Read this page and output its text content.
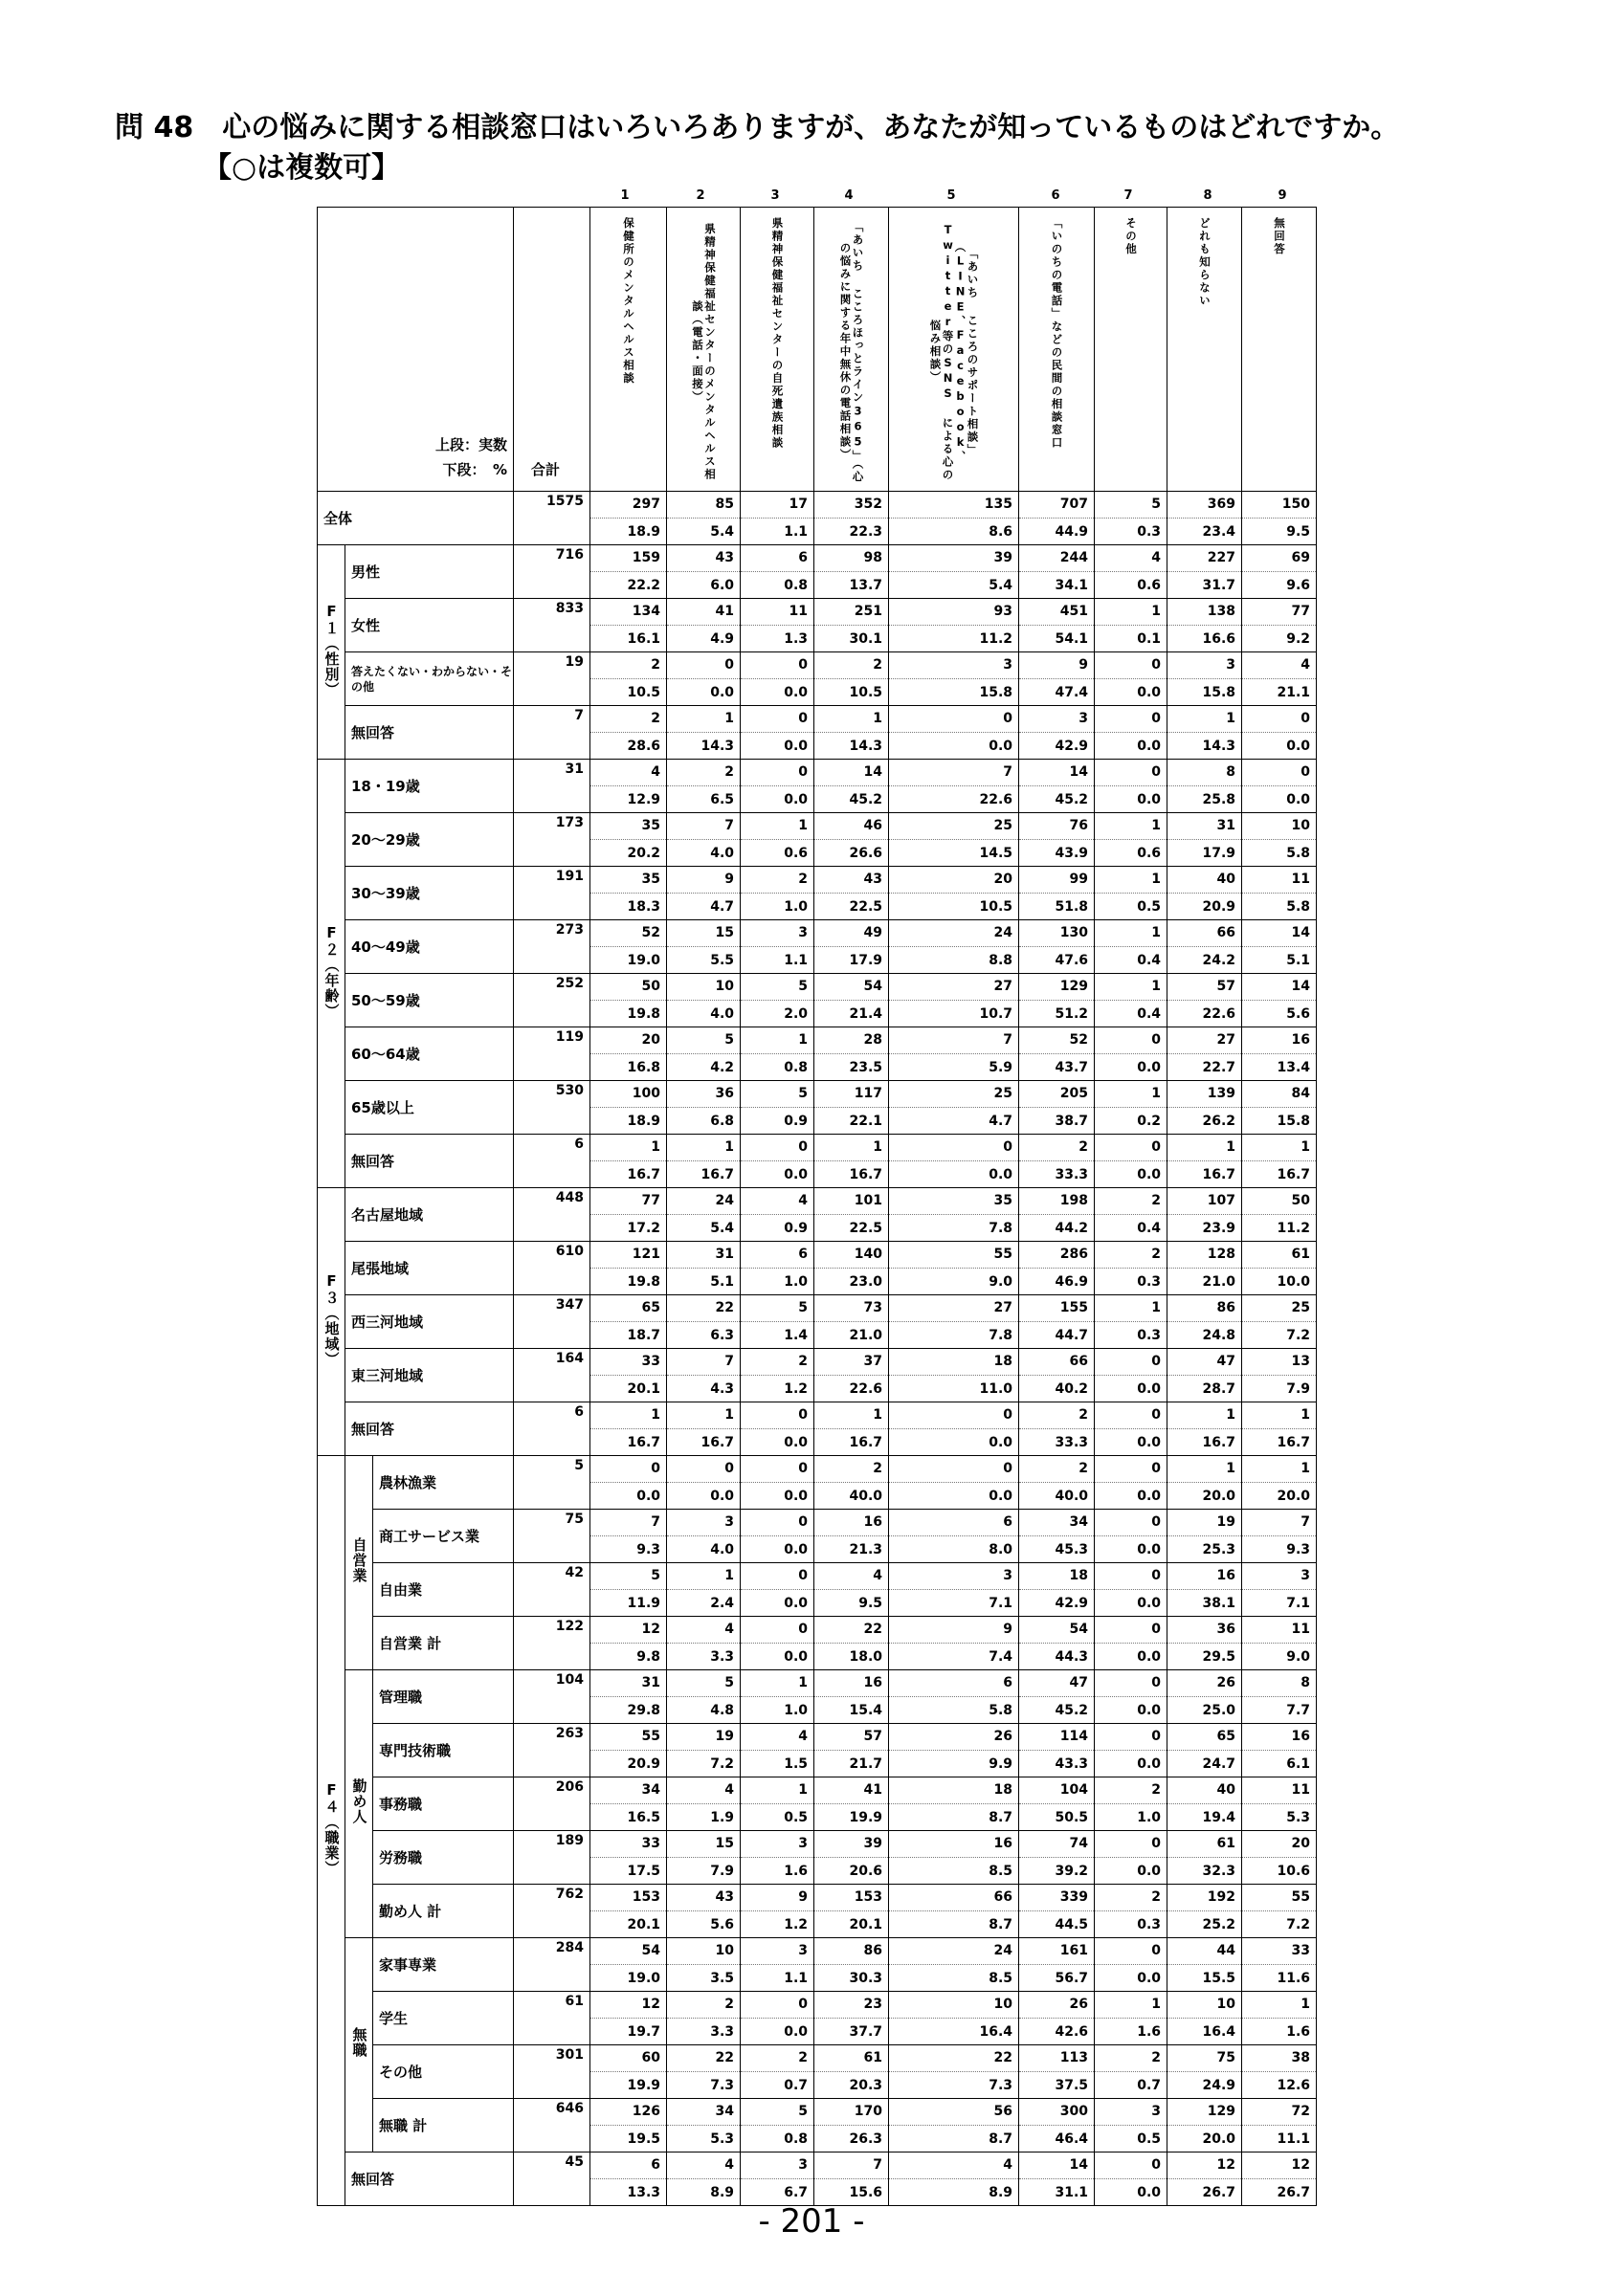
問 48　心の悩みに関する相談窓口はいろいろありますが、あなたが知っているものはどれですか。
【○は複数可】
1	2	3	4	5	6	7	8	9
上段：実数
下段：　%			合計	保健所のメンタルヘルス相談	県精神保健福祉センターのメンタルヘルス相談（電話・面接）	県精神保健福祉センターの自死遺族相談	「あいち こころほっとライン365」（心の悩みに関する年中無休の電話相談）	「あいち こころのサポート相談」（LINE、Facebook、Twitter等のSNS による心の悩み相談）	「いのちの電話」などの民間の相談窓口	その他	どれも知らない	無回答
全体			1575	297	85	17	352	135	707	5	369	150
				18.9	5.4	1.1	22.3	8.6	44.9	0.3	23.4	9.5
F１（性別）	男性		716	159	43	6	98	39	244	4	227	69
				22.2	6.0	0.8	13.7	5.4	34.1	0.6	31.7	9.6
	女性		833	134	41	11	251	93	451	1	138	77
				16.1	4.9	1.3	30.1	11.2	54.1	0.1	16.6	9.2
	答えたくない・わからない・その他		19	2	0	0	2	3	9	0	3	4
				10.5	0.0	0.0	10.5	15.8	47.4	0.0	15.8	21.1
	無回答		7	2	1	0	1	0	3	0	1	0
				28.6	14.3	0.0	14.3	0.0	42.9	0.0	14.3	0.0
F２（年齢）	18・19歳		31	4	2	0	14	7	14	0	8	0
				12.9	6.5	0.0	45.2	22.6	45.2	0.0	25.8	0.0
	20～29歳		173	35	7	1	46	25	76	1	31	10
				20.2	4.0	0.6	26.6	14.5	43.9	0.6	17.9	5.8
	30～39歳		191	35	9	2	43	20	99	1	40	11
				18.3	4.7	1.0	22.5	10.5	51.8	0.5	20.9	5.8
	40～49歳		273	52	15	3	49	24	130	1	66	14
				19.0	5.5	1.1	17.9	8.8	47.6	0.4	24.2	5.1
	50～59歳		252	50	10	5	54	27	129	1	57	14
				19.8	4.0	2.0	21.4	10.7	51.2	0.4	22.6	5.6
	60～64歳		119	20	5	1	28	7	52	0	27	16
				16.8	4.2	0.8	23.5	5.9	43.7	0.0	22.7	13.4
	65歳以上		530	100	36	5	117	25	205	1	139	84
				18.9	6.8	0.9	22.1	4.7	38.7	0.2	26.2	15.8
	無回答		6	1	1	0	1	0	2	0	1	1
				16.7	16.7	0.0	16.7	0.0	33.3	0.0	16.7	16.7
F３（地域）	名古屋地域		448	77	24	4	101	35	198	2	107	50
				17.2	5.4	0.9	22.5	7.8	44.2	0.4	23.9	11.2
	尾張地域		610	121	31	6	140	55	286	2	128	61
				19.8	5.1	1.0	23.0	9.0	46.9	0.3	21.0	10.0
	西三河地域		347	65	22	5	73	27	155	1	86	25
				18.7	6.3	1.4	21.0	7.8	44.7	0.3	24.8	7.2
	東三河地域		164	33	7	2	37	18	66	0	47	13
				20.1	4.3	1.2	22.6	11.0	40.2	0.0	28.7	7.9
	無回答		6	1	1	0	1	0	2	0	1	1
				16.7	16.7	0.0	16.7	0.0	33.3	0.0	16.7	16.7
F４（職業）	自営業	農林漁業	5	0	0	0	2	0	2	0	1	1
				0.0	0.0	0.0	40.0	0.0	40.0	0.0	20.0	20.0
		商工サービス業	75	7	3	0	16	6	34	0	19	7
				9.3	4.0	0.0	21.3	8.0	45.3	0.0	25.3	9.3
		自由業	42	5	1	0	4	3	18	0	16	3
				11.9	2.4	0.0	9.5	7.1	42.9	0.0	38.1	7.1
		自営業 計	122	12	4	0	22	9	54	0	36	11
				9.8	3.3	0.0	18.0	7.4	44.3	0.0	29.5	9.0
	勤め人	管理職	104	31	5	1	16	6	47	0	26	8
				29.8	4.8	1.0	15.4	5.8	45.2	0.0	25.0	7.7
		専門技術職	263	55	19	4	57	26	114	0	65	16
				20.9	7.2	1.5	21.7	9.9	43.3	0.0	24.7	6.1
		事務職	206	34	4	1	41	18	104	2	40	11
				16.5	1.9	0.5	19.9	8.7	50.5	1.0	19.4	5.3
		労務職	189	33	15	3	39	16	74	0	61	20
				17.5	7.9	1.6	20.6	8.5	39.2	0.0	32.3	10.6
		勤め人 計	762	153	43	9	153	66	339	2	192	55
				20.1	5.6	1.2	20.1	8.7	44.5	0.3	25.2	7.2
	無職	家事専業	284	54	10	3	86	24	161	0	44	33
				19.0	3.5	1.1	30.3	8.5	56.7	0.0	15.5	11.6
		学生	61	12	2	0	23	10	26	1	10	1
				19.7	3.3	0.0	37.7	16.4	42.6	1.6	16.4	1.6
		その他	301	60	22	2	61	22	113	2	75	38
				19.9	7.3	0.7	20.3	7.3	37.5	0.7	24.9	12.6
		無職 計	646	126	34	5	170	56	300	3	129	72
				19.5	5.3	0.8	26.3	8.7	46.4	0.5	20.0	11.1
	無回答		45	6	4	3	7	4	14	0	12	12
				13.3	8.9	6.7	15.6	8.9	31.1	0.0	26.7	26.7
- 201 -
